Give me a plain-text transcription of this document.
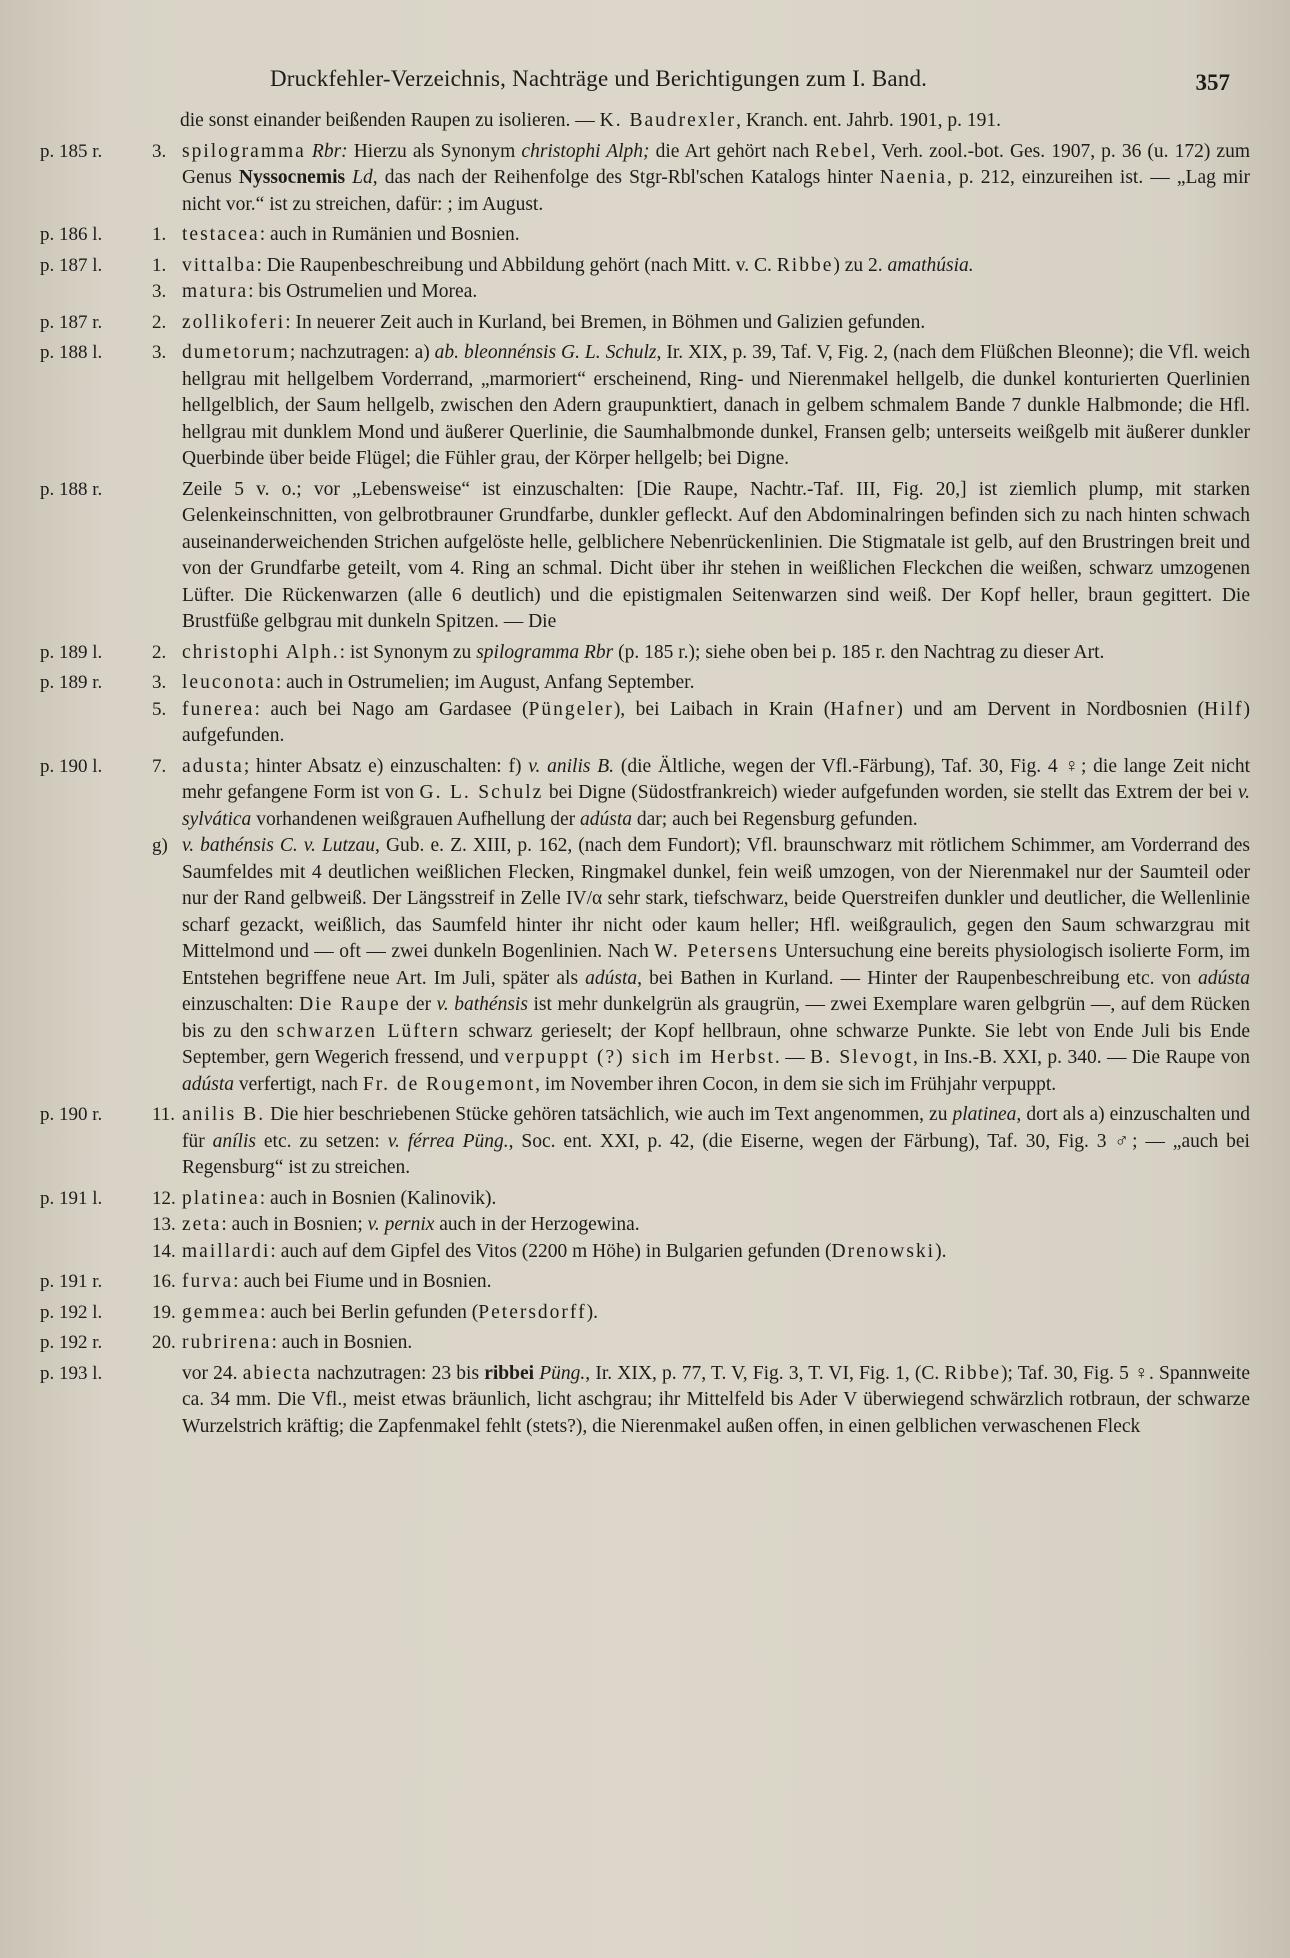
Druckfehler-Verzeichnis, Nachträge und Berichtigungen zum I. Band.	357
die sonst einander beißenden Raupen zu isolieren. — K. Baudrexler, Kranch. ent. Jahrb. 1901, p. 191.
p. 185 r.	3. spilogramma Rbr: Hierzu als Synonym christophi Alph; die Art gehört nach Rebel, Verh. zool.-bot. Ges. 1907, p. 36 (u. 172) zum Genus Nyssocnemis Ld, das nach der Reihenfolge des Stgr-Rbl'schen Katalogs hinter Naenia, p. 212, einzureihen ist. — „Lag mir nicht vor.“ ist zu streichen, dafür: ; im August.
p. 186 l.	1. testacea: auch in Rumänien und Bosnien.
p. 187 l.	1. vittalba: Die Raupenbeschreibung und Abbildung gehört (nach Mitt. v. C. Ribbe) zu 2. amathúsia.
3. matura: bis Ostrumelien und Morea.
p. 187 r.	2. zollikoferi: In neuerer Zeit auch in Kurland, bei Bremen, in Böhmen und Galizien gefunden.
p. 188 l.	3. dumetorum; nachzutragen: a) ab. bleonnénsis G. L. Schulz, Ir. XIX, p. 39, Taf. V, Fig. 2, (nach dem Flüßchen Bleonne); die Vfl. weich hellgrau mit hellgelbem Vorderrand, „marmoriert“ erscheinend, Ring- und Nierenmakel hellgelb, die dunkel konturierten Querlinien hellgelblich, der Saum hellgelb, zwischen den Adern graupunktiert, danach in gelbem schmalem Bande 7 dunkle Halbmonde; die Hfl. hellgrau mit dunklem Mond und äußerer Querlinie, die Saumhalbmonde dunkel, Fransen gelb; unterseits weißgelb mit äußerer dunkler Querbinde über beide Flügel; die Fühler grau, der Körper hellgelb; bei Digne.
p. 188 r.	Zeile 5 v. o.; vor „Lebensweise“ ist einzuschalten: [Die Raupe, Nachtr.-Taf. III, Fig. 20,] ist ziemlich plump, mit starken Gelenkeinschnitten, von gelbrotbrauner Grundfarbe, dunkler gefleckt. Auf den Abdominalringen befinden sich zu nach hinten schwach auseinanderweichenden Strichen aufgelöste helle, gelblichere Nebenrückenlinien. Die Stigmatale ist gelb, auf den Brustringen breit und von der Grundfarbe geteilt, vom 4. Ring an schmal. Dicht über ihr stehen in weißlichen Fleckchen die weißen, schwarz umzogenen Lüfter. Die Rückenwarzen (alle 6 deutlich) und die epistigmalen Seitenwarzen sind weiß. Der Kopf heller, braun gegittert. Die Brustfüße gelbgrau mit dunkeln Spitzen. — Die
p. 189 l.	2. christophi Alph.: ist Synonym zu spilogramma Rbr (p. 185 r.); siehe oben bei p. 185 r. den Nachtrag zu dieser Art.
p. 189 r.	3. leuconota: auch in Ostrumelien; im August, Anfang September.
5. funerea: auch bei Nago am Gardasee (Püngeler), bei Laibach in Krain (Hafner) und am Dervent in Nordbosnien (Hilf) aufgefunden.
p. 190 l.	7. adusta; hinter Absatz e) einzuschalten: f) v. anilis B. (die Ältliche, wegen der Vfl.-Färbung), Taf. 30, Fig. 4 ♀; die lange Zeit nicht mehr gefangene Form ist von G. L. Schulz bei Digne (Südostfrankreich) wieder aufgefunden worden, sie stellt das Extrem der bei v. sylvática vorhandenen weißgrauen Aufhellung der adústa dar; auch bei Regensburg gefunden.
g) v. bathénsis C. v. Lutzau, Gub. e. Z. XIII, p. 162, (nach dem Fundort); Vfl. braunschwarz mit rötlichem Schimmer, am Vorderrand des Saumfeldes mit 4 deutlichen weißlichen Flecken, Ringmakel dunkel, fein weiß umzogen, von der Nierenmakel nur der Saumteil oder nur der Rand gelbweiß. Der Längsstreif in Zelle IV/α sehr stark, tiefschwarz, beide Querstreifen dunkler und deutlicher, die Wellenlinie scharf gezackt, weißlich, das Saumfeld hinter ihr nicht oder kaum heller; Hfl. weißgraulich, gegen den Saum schwarzgrau mit Mittelmond und — oft — zwei dunkeln Bogenlinien. Nach W. Petersens Untersuchung eine bereits physiologisch isolierte Form, im Entstehen begriffene neue Art. Im Juli, später als adústa, bei Bathen in Kurland. — Hinter der Raupenbeschreibung etc. von adústa einzuschalten: Die Raupe der v. bathénsis ist mehr dunkelgrün als graugrün, — zwei Exemplare waren gelbgrün —, auf dem Rücken bis zu den schwarzen Lüftern schwarz gerieselt; der Kopf hellbraun, ohne schwarze Punkte. Sie lebt von Ende Juli bis Ende September, gern Wegerich fressend, und verpuppt (?) sich im Herbst. — B. Slevogt, in Ins.-B. XXI, p. 340. — Die Raupe von adústa verfertigt, nach Fr. de Rougemont, im November ihren Cocon, in dem sie sich im Frühjahr verpuppt.
p. 190 r.	11. anilis B. Die hier beschriebenen Stücke gehören tatsächlich, wie auch im Text angenommen, zu platinea, dort als a) einzuschalten und für anílis etc. zu setzen: v. férrea Püng., Soc. ent. XXI, p. 42, (die Eiserne, wegen der Färbung), Taf. 30, Fig. 3 ♂; — „auch bei Regensburg“ ist zu streichen.
p. 191 l.	12. platinea: auch in Bosnien (Kalinovik).
13. zeta: auch in Bosnien; v. pernix auch in der Herzogewina.
14. maillardi: auch auf dem Gipfel des Vitos (2200 m Höhe) in Bulgarien gefunden (Drenowski).
p. 191 r.	16. furva: auch bei Fiume und in Bosnien.
p. 192 l.	19. gemmea: auch bei Berlin gefunden (Petersdorff).
p. 192 r.	20. rubrirena: auch in Bosnien.
p. 193 l.	vor 24. abiecta nachzutragen: 23 bis ribbei Püng., Ir. XIX, p. 77, T. V, Fig. 3, T. VI, Fig. 1, (C. Ribbe); Taf. 30, Fig. 5 ♀. Spannweite ca. 34 mm. Die Vfl., meist etwas bräunlich, licht aschgrau; ihr Mittelfeld bis Ader V überwiegend schwärzlich rotbraun, der schwarze Wurzelstrich kräftig; die Zapfenmakel fehlt (stets?), die Nierenmakel außen offen, in einen gelblichen verwaschenen Fleck
